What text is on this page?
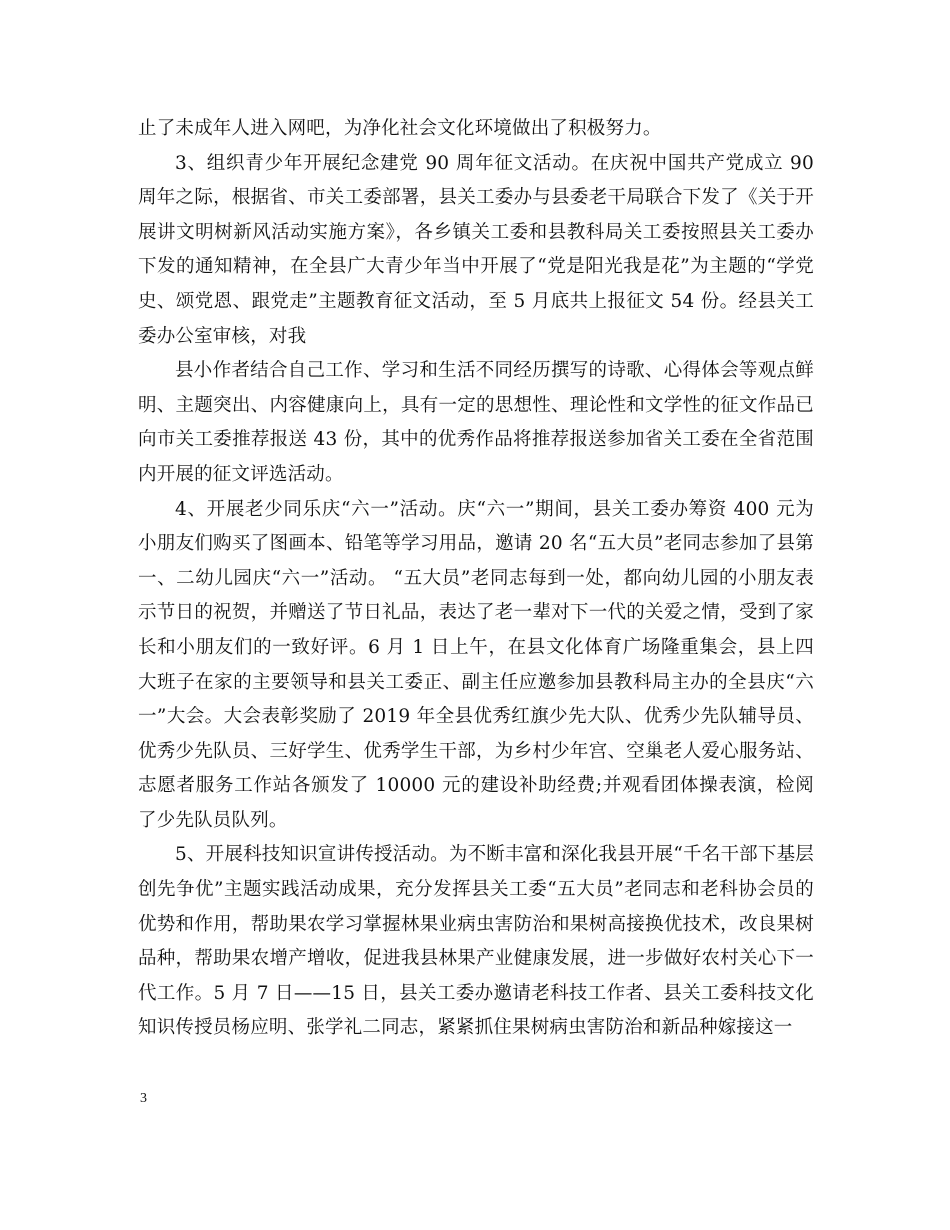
止了未成年人进入网吧，为净化社会文化环境做出了积极努力。

3、组织青少年开展纪念建党 90 周年征文活动。在庆祝中国共产党成立 90 周年之际，根据省、市关工委部署，县关工委办与县委老干局联合下发了《关于开展讲文明树新风活动实施方案》，各乡镇关工委和县教科局关工委按照县关工委办下发的通知精神，在全县广大青少年当中开展了“党是阳光我是花”为主题的“学党史、颂党恩、跟党走”主题教育征文活动，至 5 月底共上报征文 54 份。经县关工委办公室审核，对我

县小作者结合自己工作、学习和生活不同经历撰写的诗歌、心得体会等观点鲜明、主题突出、内容健康向上，具有一定的思想性、理论性和文学性的征文作品已向市关工委推荐报送 43 份，其中的优秀作品将推荐报送参加省关工委在全省范围内开展的征文评选活动。

4、开展老少同乐庆“六一”活动。庆“六一”期间，县关工委办筹资 400 元为小朋友们购买了图画本、铅笔等学习用品，邀请 20 名“五大员”老同志参加了县第一、二幼儿园庆“六一”活动。 “五大员”老同志每到一处，都向幼儿园的小朋友表示节日的祝贺，并赠送了节日礼品，表达了老一辈对下一代的关爱之情，受到了家长和小朋友们的一致好评。6 月 1 日上午，在县文化体育广场隆重集会，县上四大班子在家的主要领导和县关工委正、副主任应邀参加县教科局主办的全县庆“六一”大会。大会表彰奖励了 2019 年全县优秀红旗少先大队、优秀少先队辅导员、优秀少先队员、三好学生、优秀学生干部，为乡村少年宫、空巢老人爱心服务站、志愿者服务工作站各颁发了 10000 元的建设补助经费;并观看团体操表演，检阅了少先队员队列。

5、开展科技知识宣讲传授活动。为不断丰富和深化我县开展“千名干部下基层创先争优”主题实践活动成果，充分发挥县关工委“五大员”老同志和老科协会员的优势和作用，帮助果农学习掌握林果业病虫害防治和果树高接换优技术，改良果树品种，帮助果农增产增收，促进我县林果产业健康发展，进一步做好农村关心下一代工作。5 月 7 日——15 日，县关工委办邀请老科技工作者、县关工委科技文化知识传授员杨应明、张学礼二同志，紧紧抓住果树病虫害防治和新品种嫁接这一

3
